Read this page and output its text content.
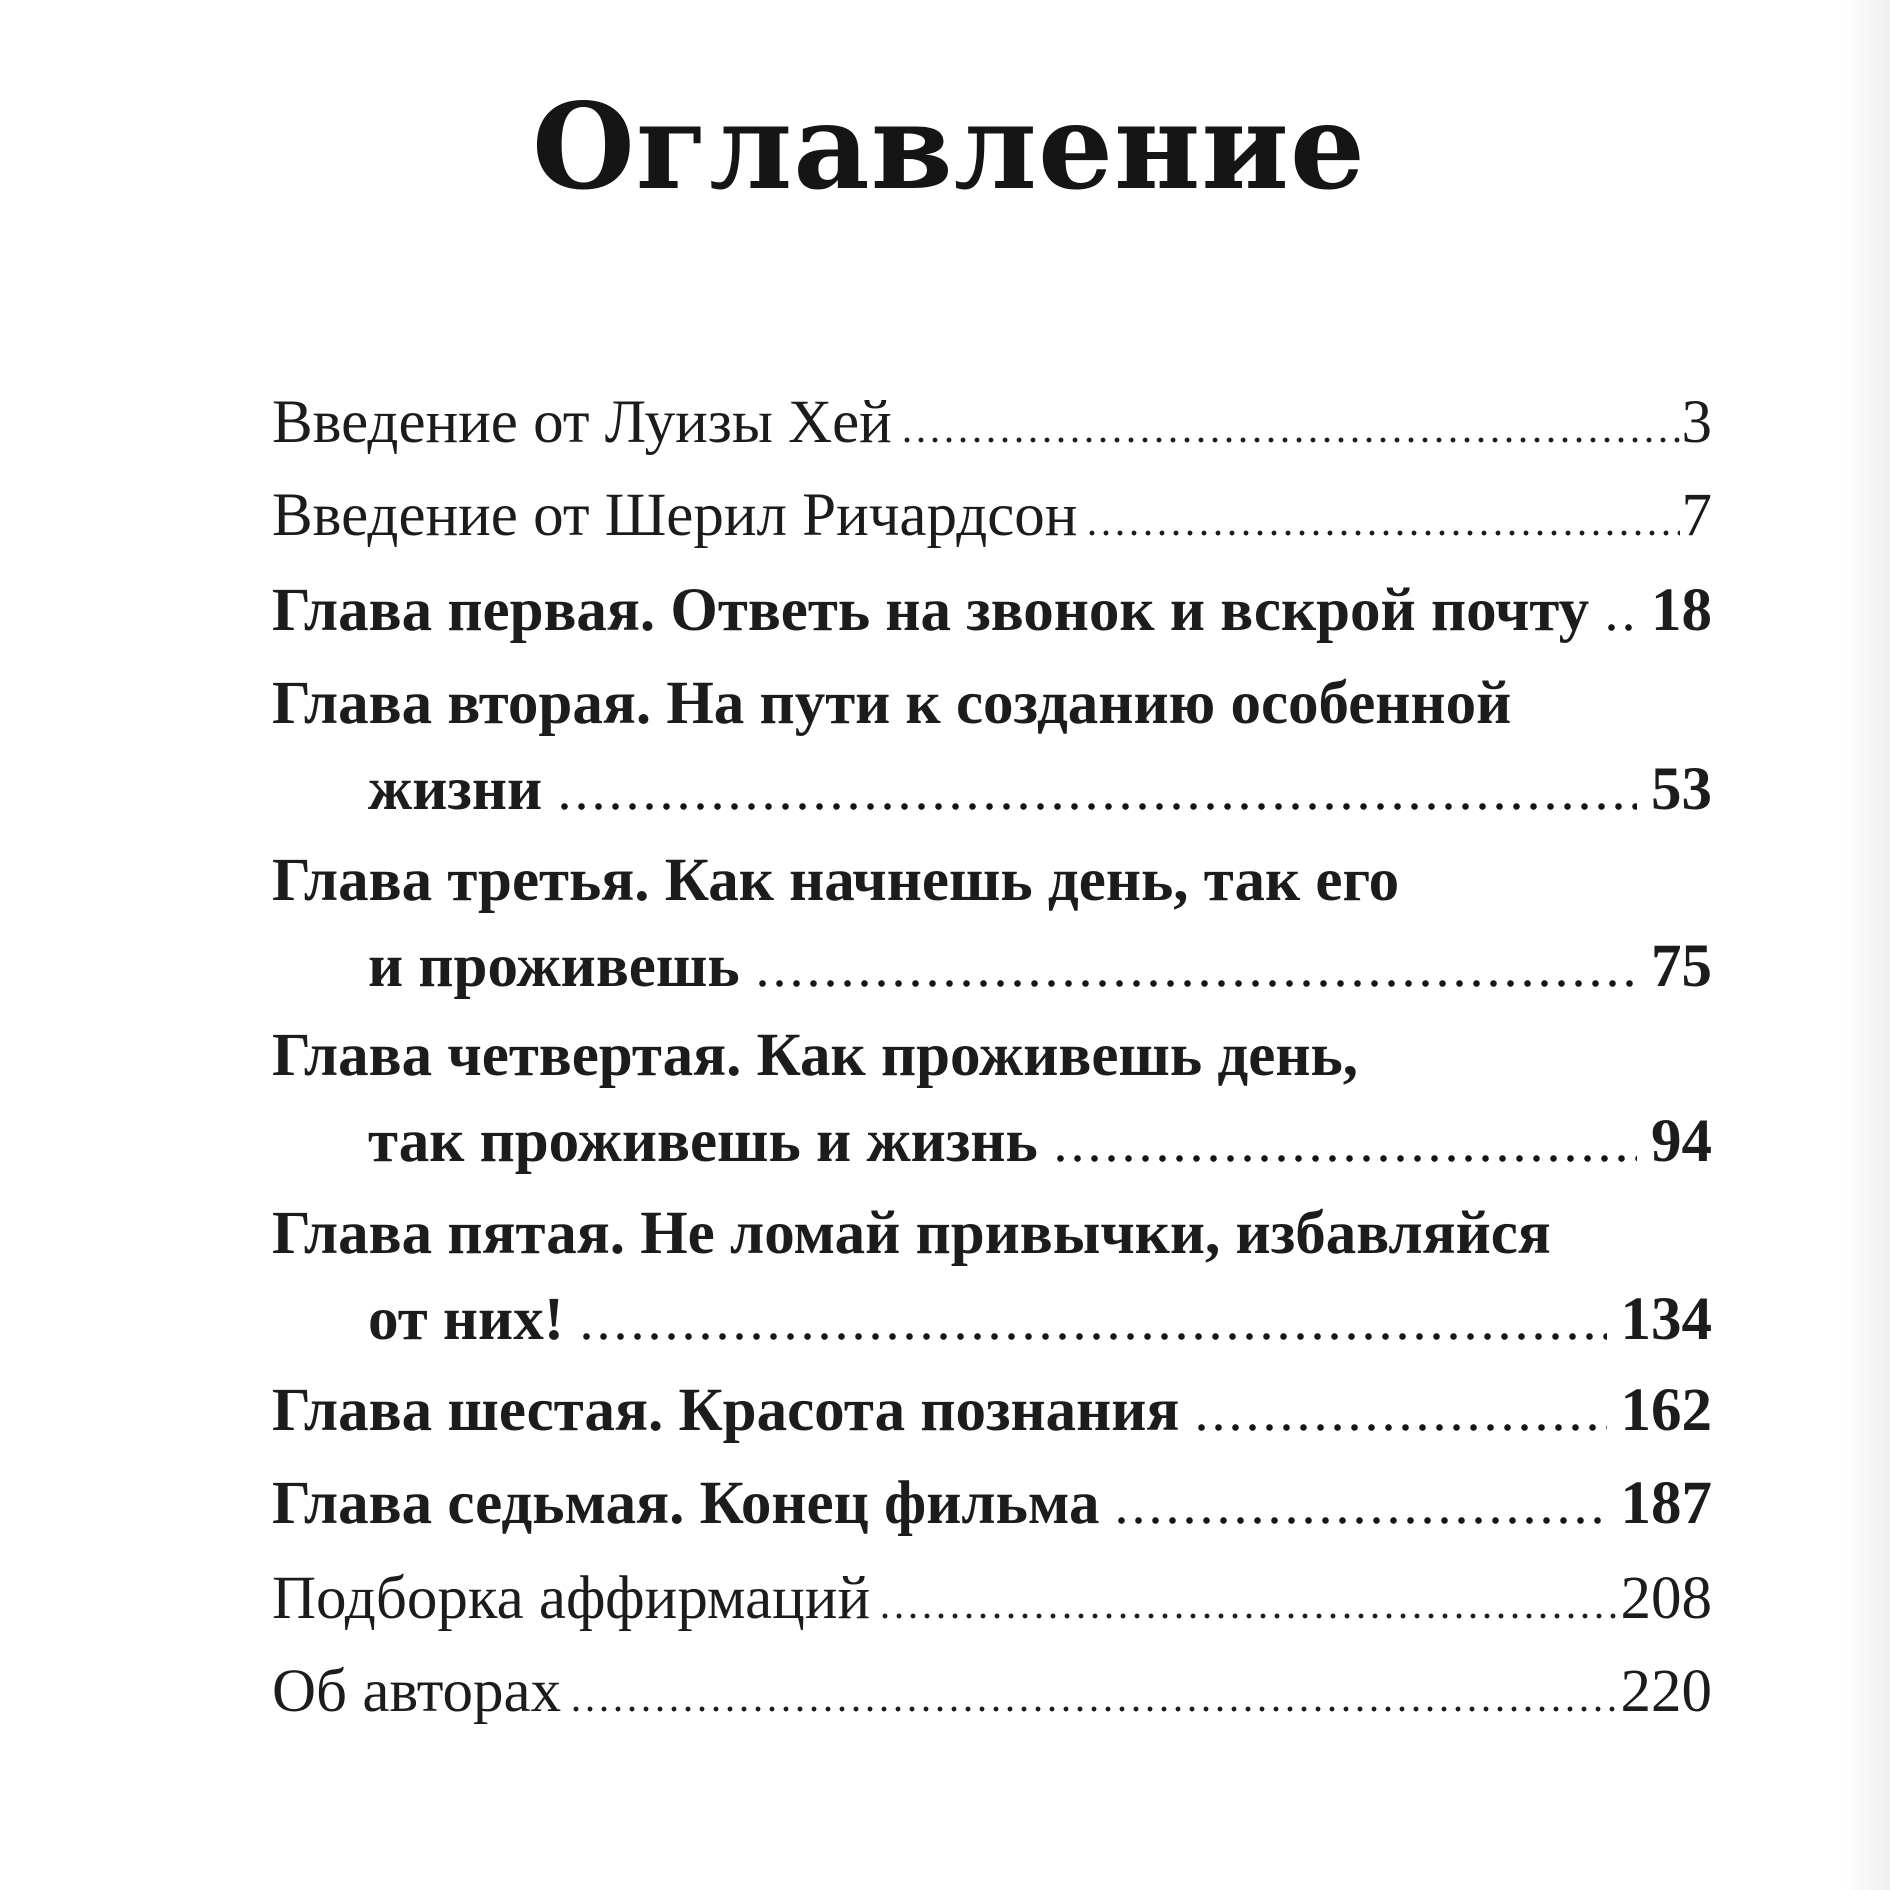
Оглавление
Введение от Луизы Хей	3
Введение от Шерил Ричардсон	7
Глава первая. Ответь на звонок и вскрой почту 18
Глава вторая. На пути к созданию особенной
жизни	53
Глава третья. Как начнешь день, так его
и проживешь	75
Глава четвертая. Как проживешь день,
так проживешь и жизнь	94
Глава пятая. Не ломай привычки, избавляйся
от них!	134
Глава шестая. Красота познания	162
Глава седьмая. Конец фильма	187
Подборка аффирмаций	208
Об авторах	220
